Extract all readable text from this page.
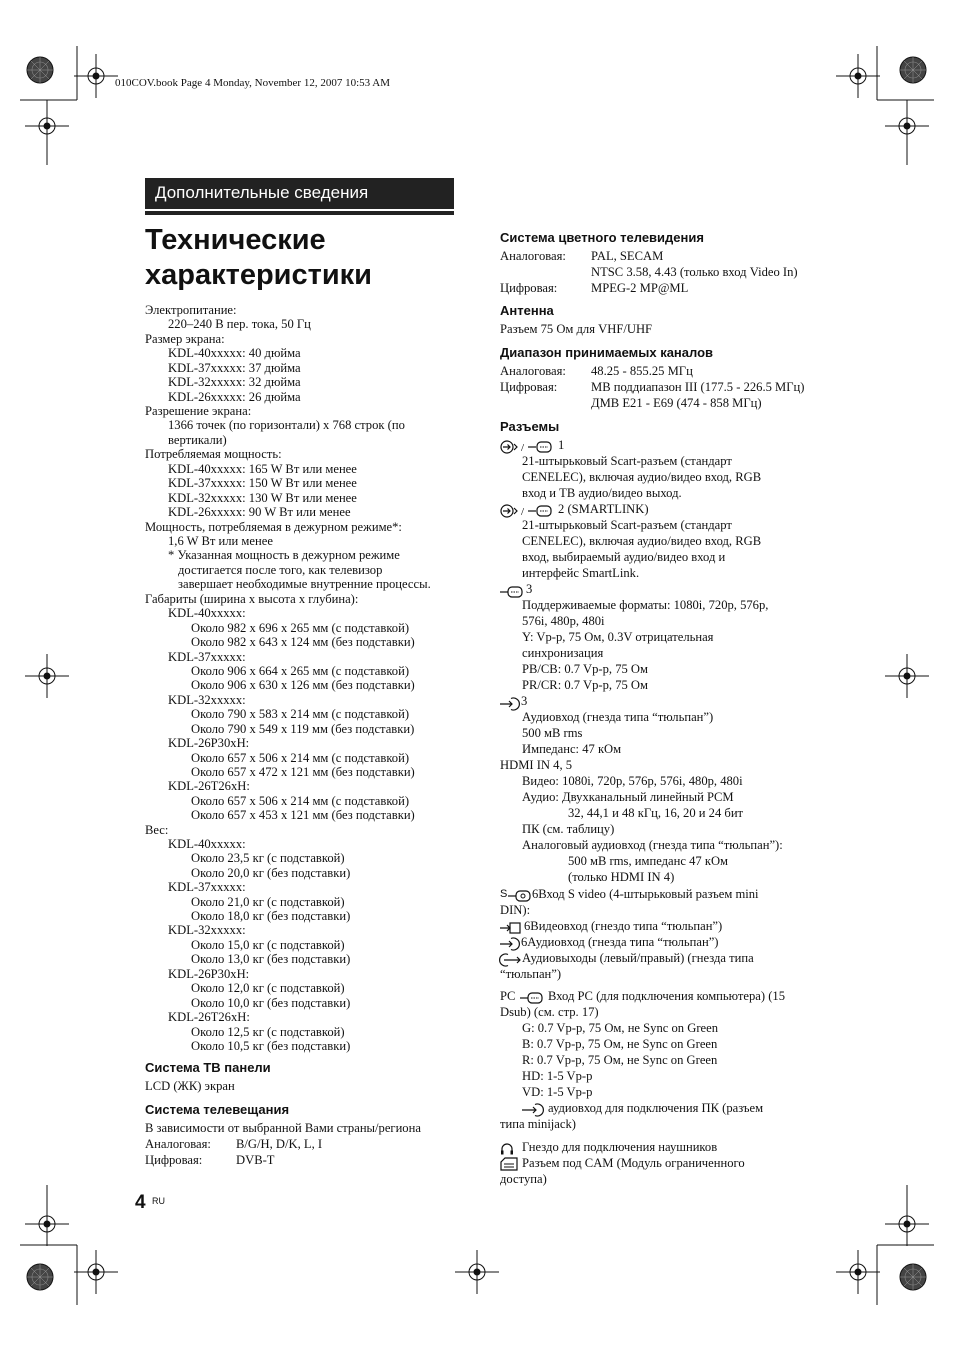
010COV.book Page 4 Monday, November 12, 2007 10:53 AM
Дополнительные сведения
Технические
характеристики
Электропитание:
220–240 В пер. тока, 50 Гц
Размер экрана:
KDL-40xxxxx: 40 дюйма
KDL-37xxxxx: 37 дюйма
KDL-32xxxxx: 32 дюйма
KDL-26xxxxx: 26 дюйма
Разрешение экрана:
1366 точек (по горизонтали) x 768 строк (по
вертикали)
Потребляемая мощность:
KDL-40xxxxx: 165 W Вт или менее
KDL-37xxxxx: 150 W Вт или менее
KDL-32xxxxx: 130 W Вт или менее
KDL-26xxxxx: 90 W Вт или менее
Мощность, потребляемая в дежурном режиме*:
1,6 W Вт или менее
* Указанная мощность в дежурном режиме
достигается после того, как телевизор
завершает необходимые внутренние процессы.
Габариты (ширина x высота x глубина):
KDL-40xxxxx:
Около 982 x 696 x 265 мм (с подставкой)
Около 982 x 643 x 124 мм (без подставки)
KDL-37xxxxx:
Около 906 x 664 x 265 мм (с подставкой)
Около 906 x 630 x 126 мм (без подставки)
KDL-32xxxxx:
Около 790 x 583 x 214 мм (с подставкой)
Около 790 x 549 x 119 мм (без подставки)
KDL-26P30xH:
Около 657 x 506 x 214 мм (с подставкой)
Около 657 x 472 x 121 мм (без подставки)
KDL-26T26xH:
Около 657 x 506 x 214 мм (с подставкой)
Около 657 x 453 x 121 мм (без подставки)
Вес:
KDL-40xxxxx:
Около 23,5 кг (с подставкой)
Около 20,0 кг (без подставки)
KDL-37xxxxx:
Около 21,0 кг (с подставкой)
Около 18,0 кг (без подставки)
KDL-32xxxxx:
Около 15,0 кг (с подставкой)
Около 13,0 кг (без подставки)
KDL-26P30xH:
Около 12,0 кг (с подставкой)
Около 10,0 кг (без подставки)
KDL-26T26xH:
Около 12,5 кг (с подставкой)
Около 10,5 кг (без подставки)
Система ТВ панели
LCD (ЖК) экран
Система телевещания
В зависимости от выбранной Вами страны/региона
Аналоговая: B/G/H, D/K, L, I
Цифровая:	DVB-T
Система цветного телевидения
Аналоговая: PAL, SECAM
NTSC 3.58, 4.43 (только вход Video In)
Цифровая:	MPEG-2 MP@ML
Антенна
Разъем 75 Ом для VHF/UHF
Диапазон принимаемых каналов
Аналоговая: 48.25 - 855.25 МГц
Цифровая:	МВ поддиапазон III (177.5 - 226.5 МГц)
ДМВ E21 - E69 (474 - 858 МГц)
Разъемы
/	1
21-штырьковый Scart-разъем (стандарт
CENELEC), включая аудио/видео вход, RGB
вход и ТВ аудио/видео выход.
/	2 (SMARTLINK)
21-штырьковый Scart-разъем (стандарт
CENELEC), включая аудио/видео вход, RGB
вход, выбираемый аудио/видео вход и
интерфейс SmartLink.
3
Поддерживаемые форматы: 1080i, 720p, 576p,
576i, 480p, 480i
Y: Vp-p, 75 Ом, 0.3V отрицательная
синхронизация
PB/CB: 0.7 Vp-p, 75 Ом
PR/CR: 0.7 Vp-p, 75 Ом
3
Аудиовход (гнезда типа “тюльпан”)
500 мВ rms
Импеданс: 47 кОм
HDMI IN 4, 5
Видео: 1080i, 720p, 576p, 576i, 480p, 480i
Аудио: Двухканальный линейный PCM
32, 44,1 и 48 кГц, 16, 20 и 24 бит
ПК (см. таблицу)
Аналоговый аудиовход (гнезда типа “тюльпан”):
500 мВ rms, импеданс 47 кОм
(только HDMI IN 4)
S 6Вход S video (4-штырьковый разъем mini
DIN):
6Видеовход (гнездо типа “тюльпан”)
6Аудиовход (гнезда типа “тюльпан”)
Аудиовыходы (левый/правый) (гнезда типа
“тюльпан”)
PC	Вход PC (для подключения компьютера) (15
Dsub) (см. стр. 17)
G: 0.7 Vp-p, 75 Ом, не Sync on Green
B: 0.7 Vp-p, 75 Ом, не Sync on Green
R: 0.7 Vp-p, 75 Ом, не Sync on Green
HD: 1-5 Vp-p
VD: 1-5 Vp-p
аудиовход для подключения ПК (разъем
типа minijack)
Гнездо для подключения наушников
Разъем под CAM (Модуль ограниченного
доступа)
4 RU
